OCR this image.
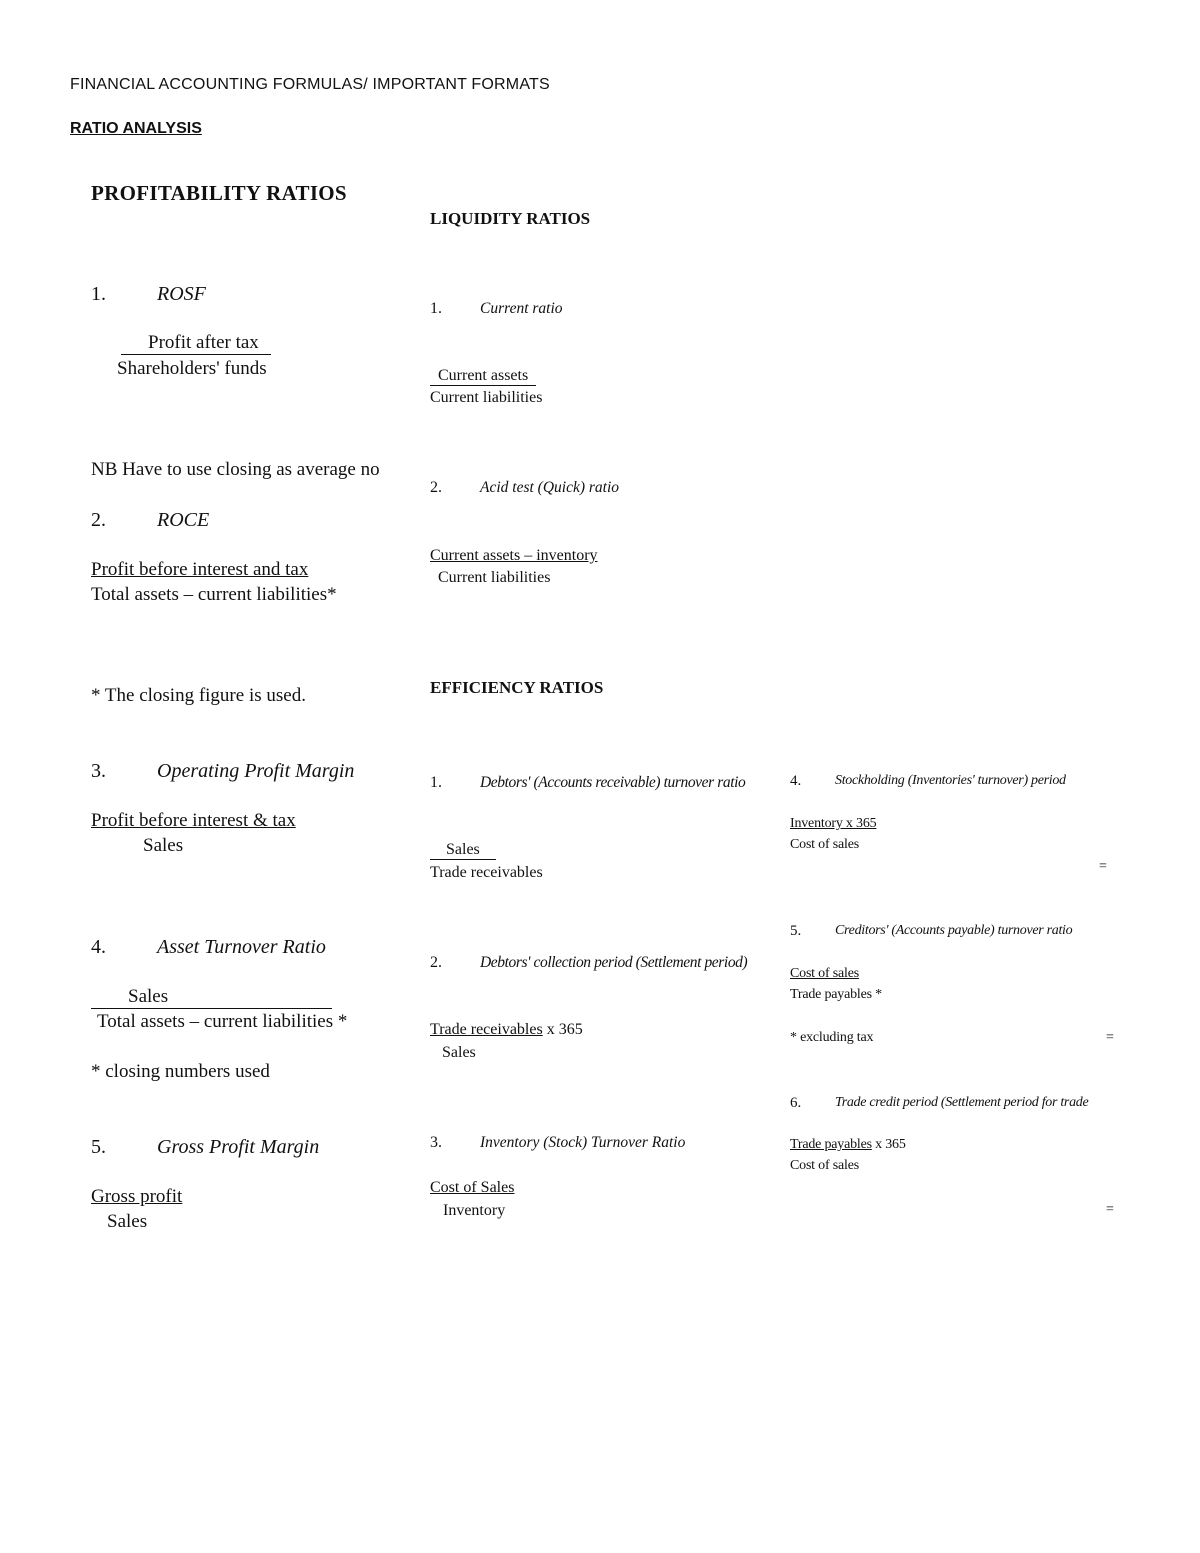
FINANCIAL ACCOUNTING FORMULAS/ IMPORTANT FORMATS
RATIO ANALYSIS
PROFITABILITY RATIOS
1.	ROSF
Profit after tax
Shareholders' funds
NB Have to use closing as average no
2.	ROCE
Profit before interest and tax
Total assets – current liabilities*
* The closing figure is used.
3.	Operating Profit Margin
Profit before interest & tax
Sales
4.	Asset Turnover Ratio
Sales
Total assets – current liabilities *
* closing numbers used
5.	Gross Profit Margin
Gross profit
Sales
LIQUIDITY RATIOS
1. Current ratio
Current assets
Current liabilities
2. Acid test (Quick) ratio
Current assets – inventory
Current liabilities
EFFICIENCY RATIOS
1. Debtors' (Accounts receivable) turnover ratio
Sales
Trade receivables
2. Debtors' collection period (Settlement period)
Trade receivables x 365
Sales
3. Inventory (Stock) Turnover Ratio
Cost of Sales
Inventory
4. Stockholding (Inventories' turnover) period
Inventory x 365
Cost of sales
=
5. Creditors' (Accounts payable) turnover ratio
Cost of sales
Trade payables *
* excluding tax	=
6. Trade credit period (Settlement period for trade
Trade payables x 365
Cost of sales
=
